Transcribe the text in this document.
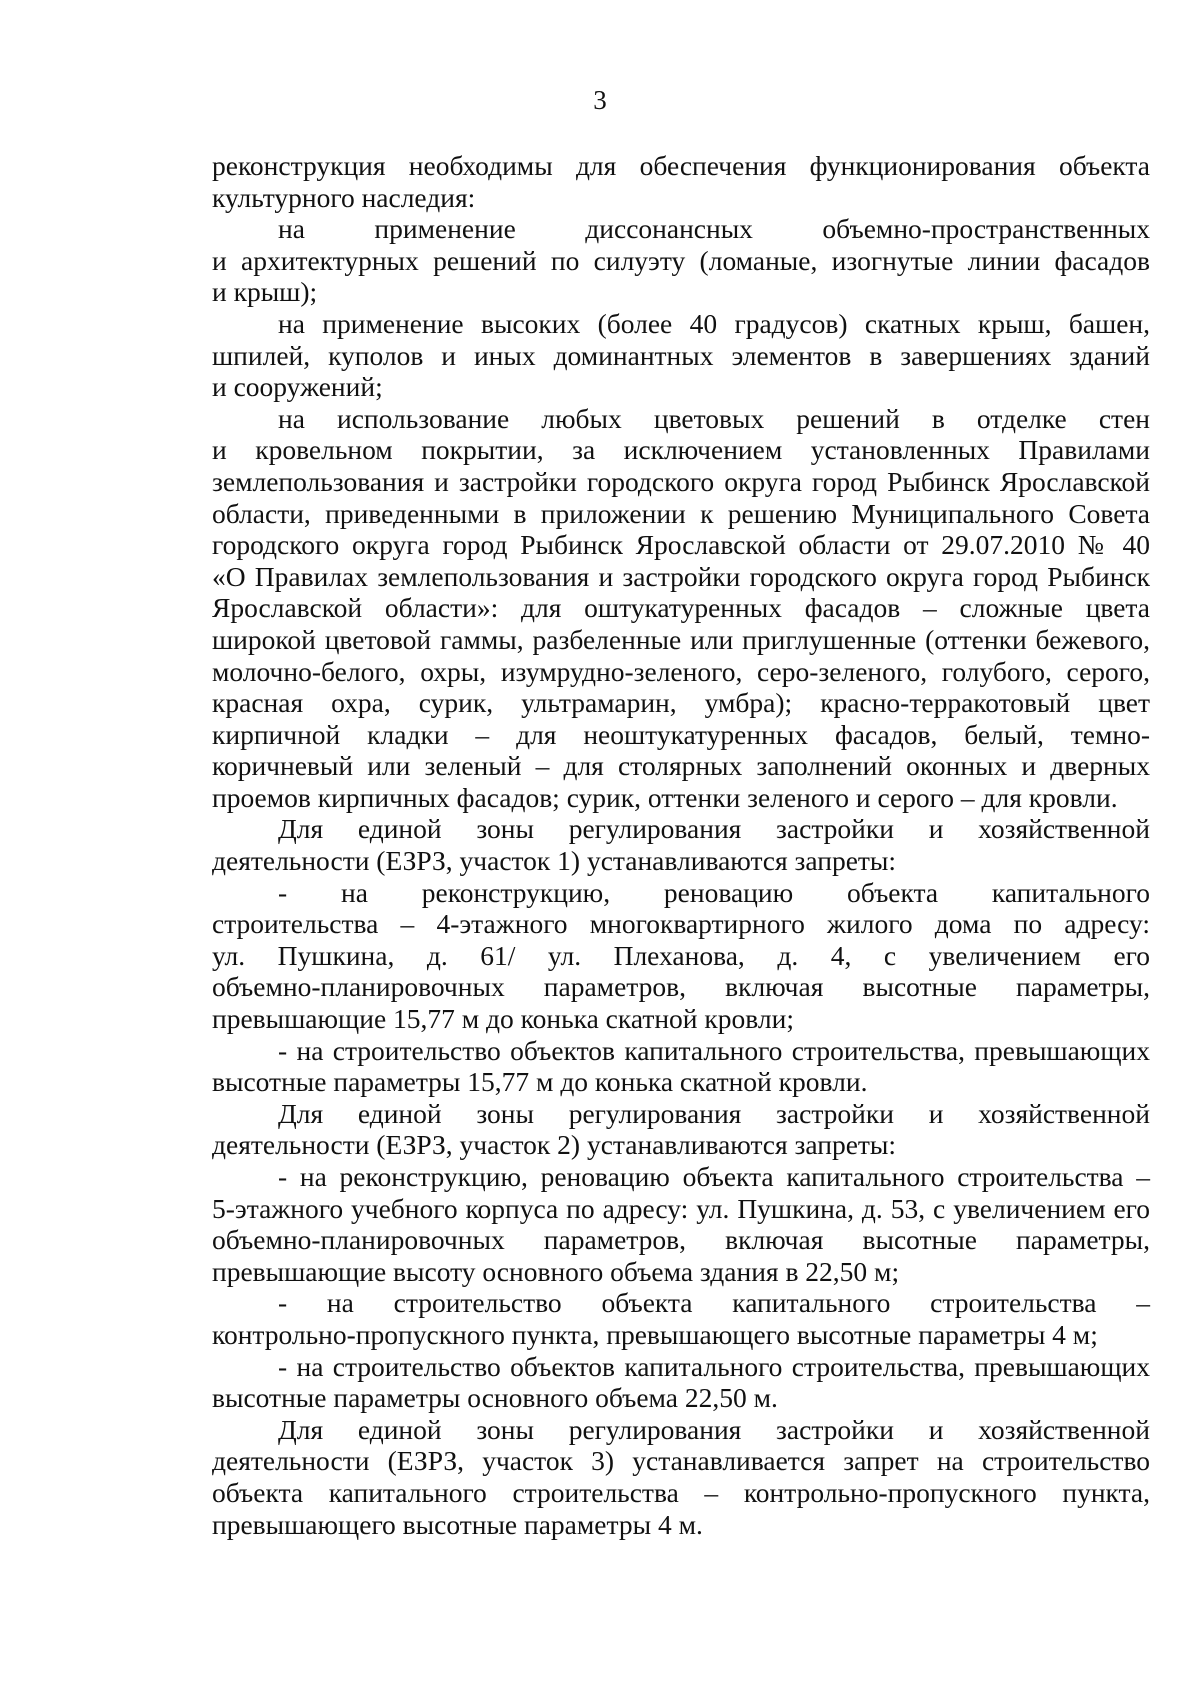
3
реконструкция необходимы для обеспечения функционирования объекта
культурного наследия:
на применение диссонансных объемно-пространственных
и архитектурных решений по силуэту (ломаные, изогнутые линии фасадов
и крыш);
на применение высоких (более 40 градусов) скатных крыш, башен,
шпилей, куполов и иных доминантных элементов в завершениях зданий
и сооружений;
на использование любых цветовых решений в отделке стен
и кровельном покрытии, за исключением установленных Правилами
землепользования и застройки городского округа город Рыбинск Ярославской
области, приведенными в приложении к решению Муниципального Совета
городского округа город Рыбинск Ярославской области от 29.07.2010 № 40
«О Правилах землепользования и застройки городского округа город Рыбинск
Ярославской области»: для оштукатуренных фасадов – сложные цвета
широкой цветовой гаммы, разбеленные или приглушенные (оттенки бежевого,
молочно-белого, охры, изумрудно-зеленого, серо-зеленого, голубого, серого,
красная охра, сурик, ультрамарин, умбра); красно-терракотовый цвет
кирпичной кладки – для неоштукатуренных фасадов, белый, темно-
коричневый или зеленый – для столярных заполнений оконных и дверных
проемов кирпичных фасадов; сурик, оттенки зеленого и серого – для кровли.
Для единой зоны регулирования застройки и хозяйственной
деятельности (ЕЗРЗ, участок 1) устанавливаются запреты:
- на реконструкцию, реновацию объекта капитального
строительства – 4-этажного многоквартирного жилого дома по адресу:
ул. Пушкина, д. 61/ ул. Плеханова, д. 4, с увеличением его
объемно-планировочных параметров, включая высотные параметры,
превышающие 15,77 м до конька скатной кровли;
- на строительство объектов капитального строительства, превышающих
высотные параметры 15,77 м до конька скатной кровли.
Для единой зоны регулирования застройки и хозяйственной
деятельности (ЕЗРЗ, участок 2) устанавливаются запреты:
- на реконструкцию, реновацию объекта капитального строительства –
5-этажного учебного корпуса по адресу: ул. Пушкина, д. 53, с увеличением его
объемно-планировочных параметров, включая высотные параметры,
превышающие высоту основного объема здания в 22,50 м;
- на строительство объекта капитального строительства –
контрольно-пропускного пункта, превышающего высотные параметры 4 м;
- на строительство объектов капитального строительства, превышающих
высотные параметры основного объема 22,50 м.
Для единой зоны регулирования застройки и хозяйственной
деятельности (ЕЗРЗ, участок 3) устанавливается запрет на строительство
объекта капитального строительства – контрольно-пропускного пункта,
превышающего высотные параметры 4 м.
